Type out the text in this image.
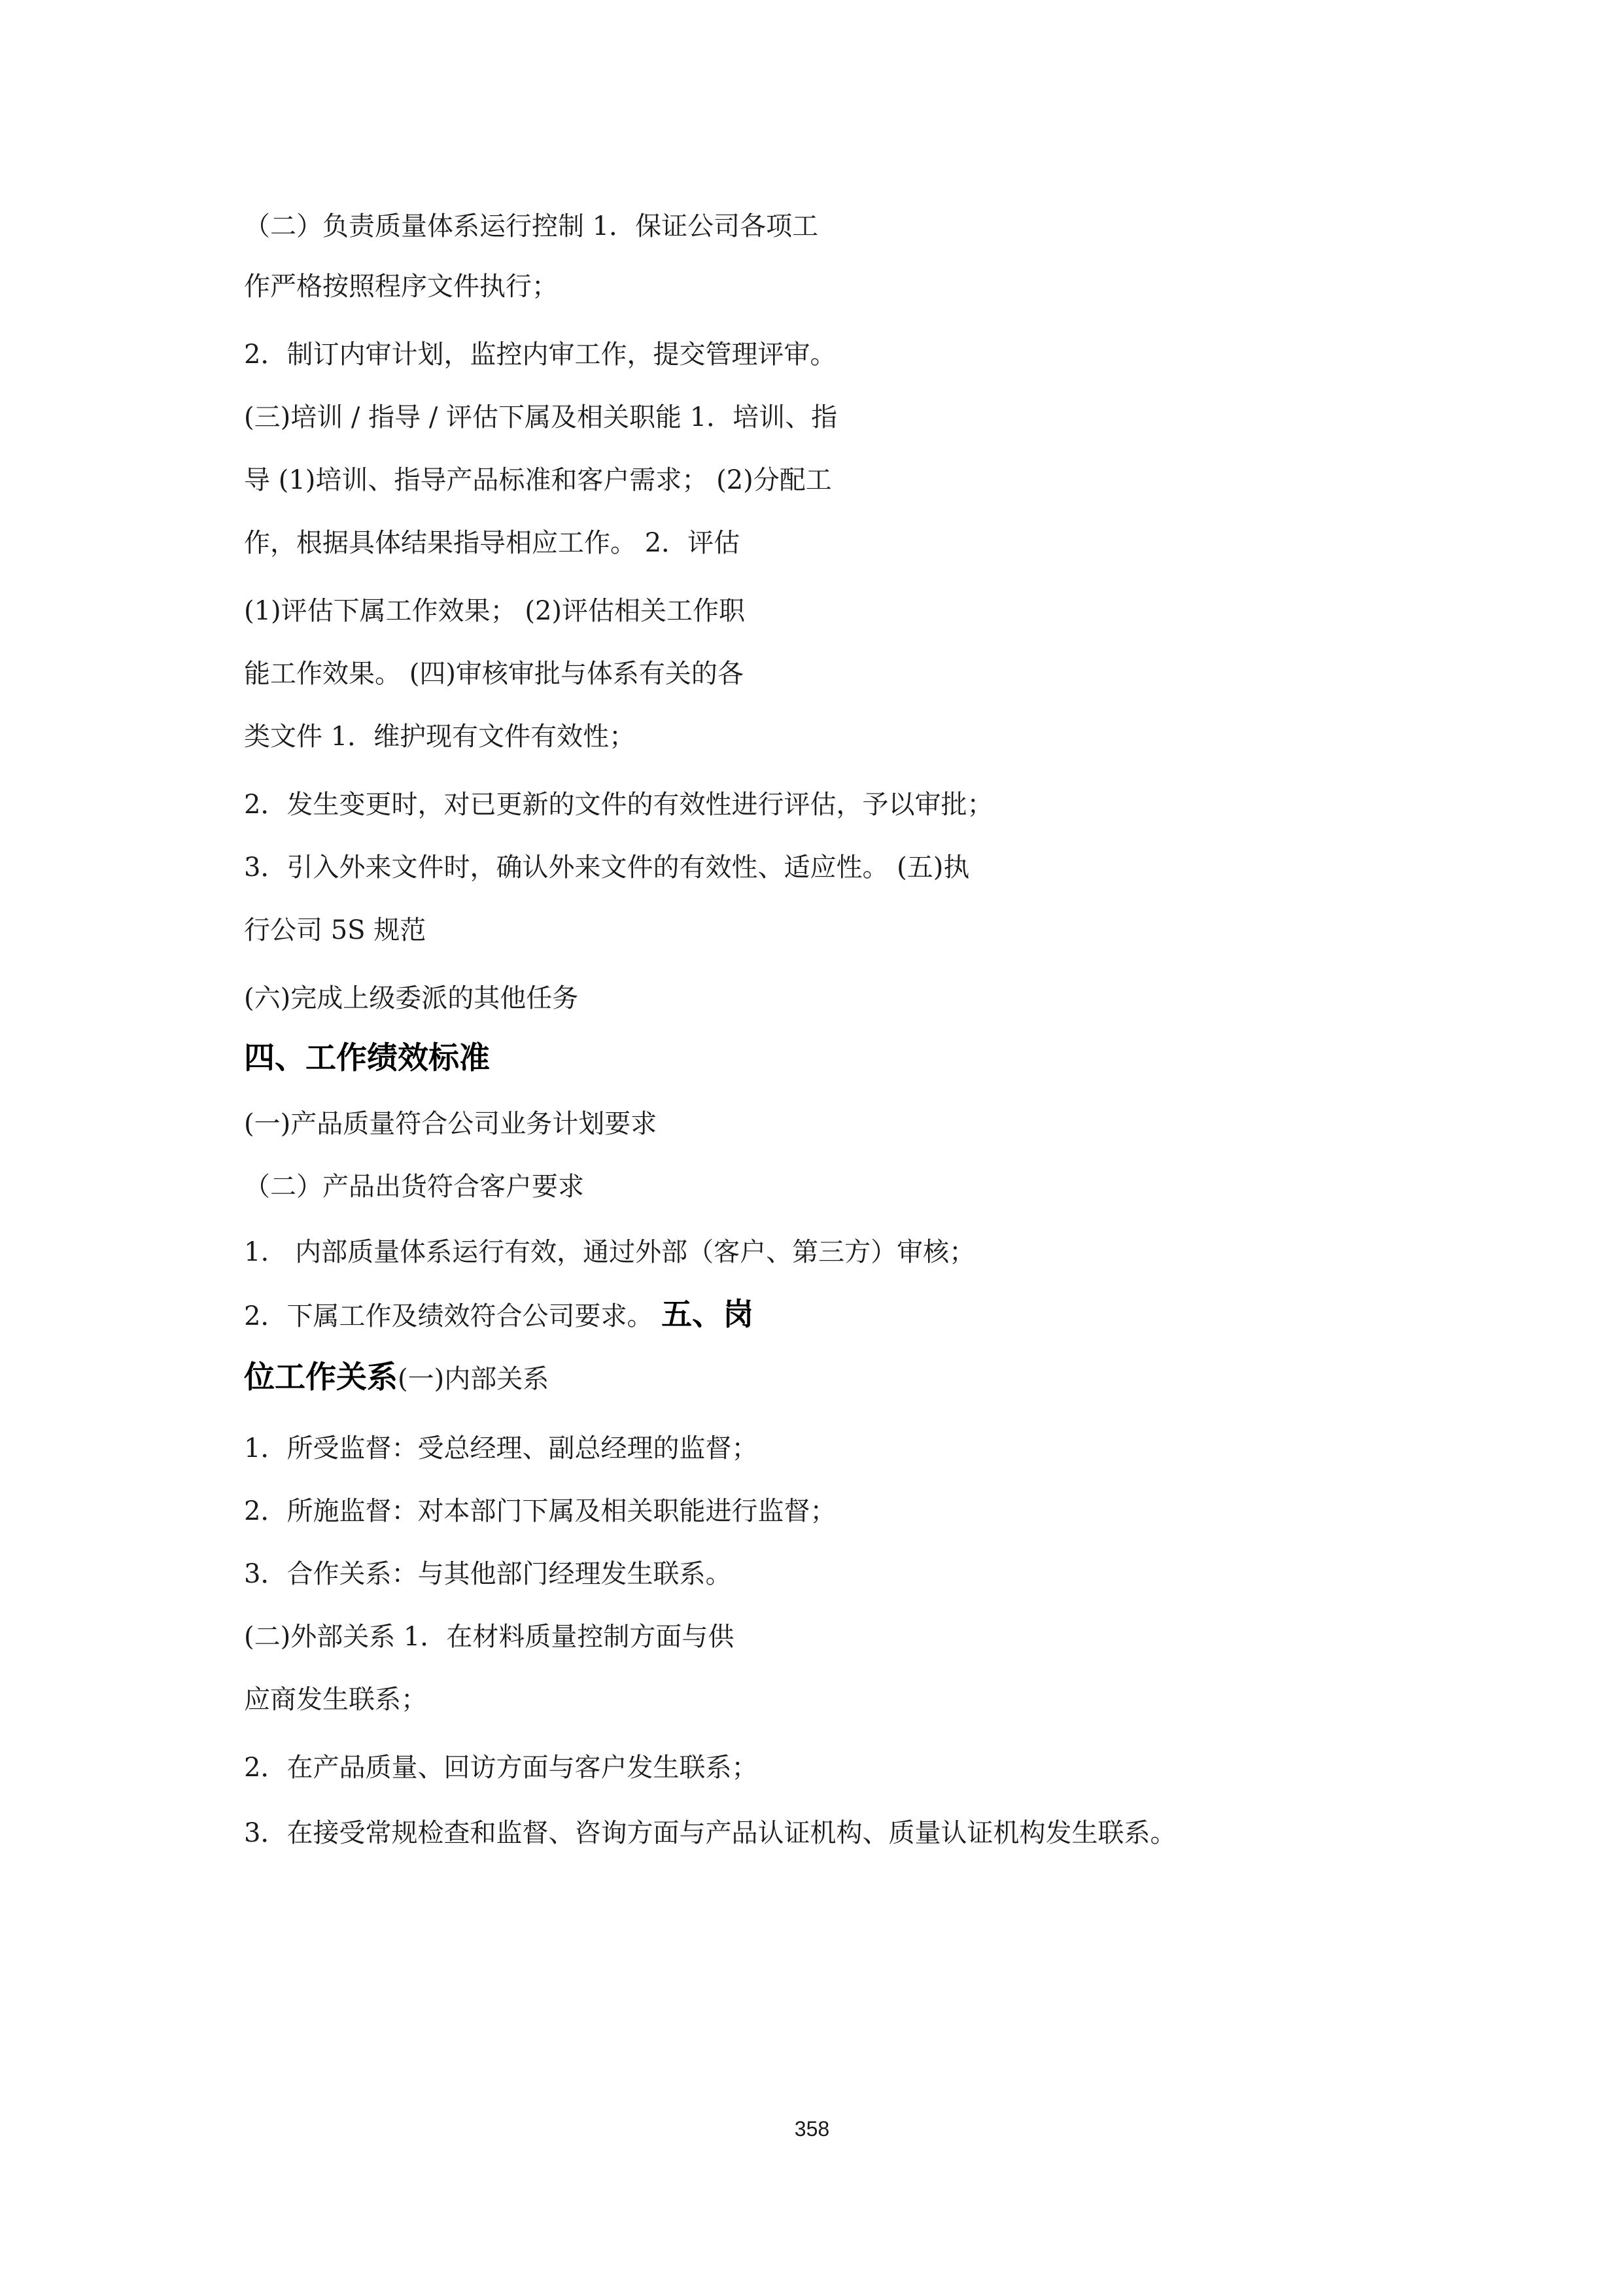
（二）负责质量体系运行控制 1．保证公司各项工

作严格按照程序文件执行；

2．制订内审计划，监控内审工作，提交管理评审。

(三)培训 / 指导 / 评估下属及相关职能 1．培训、指

导 (1)培训、指导产品标准和客户需求； (2)分配工

作，根据具体结果指导相应工作。 2．评估

(1)评估下属工作效果； (2)评估相关工作职

能工作效果。 (四)审核审批与体系有关的各

类文件 1．维护现有文件有效性；

2．发生变更时，对已更新的文件的有效性进行评估，予以审批；

3．引入外来文件时，确认外来文件的有效性、适应性。 (五)执

行公司 5S 规范

(六)完成上级委派的其他任务

四、工作绩效标准

(一)产品质量符合公司业务计划要求

（二）产品出货符合客户要求

1.　内部质量体系运行有效，通过外部（客户、第三方）审核；

2．下属工作及绩效符合公司要求。 五、岗

位工作关系(一)内部关系

1．所受监督：受总经理、副总经理的监督；

2．所施监督：对本部门下属及相关职能进行监督；

3．合作关系：与其他部门经理发生联系。

(二)外部关系 1．在材料质量控制方面与供

应商发生联系；

2．在产品质量、回访方面与客户发生联系；

3．在接受常规检查和监督、咨询方面与产品认证机构、质量认证机构发生联系。

358
